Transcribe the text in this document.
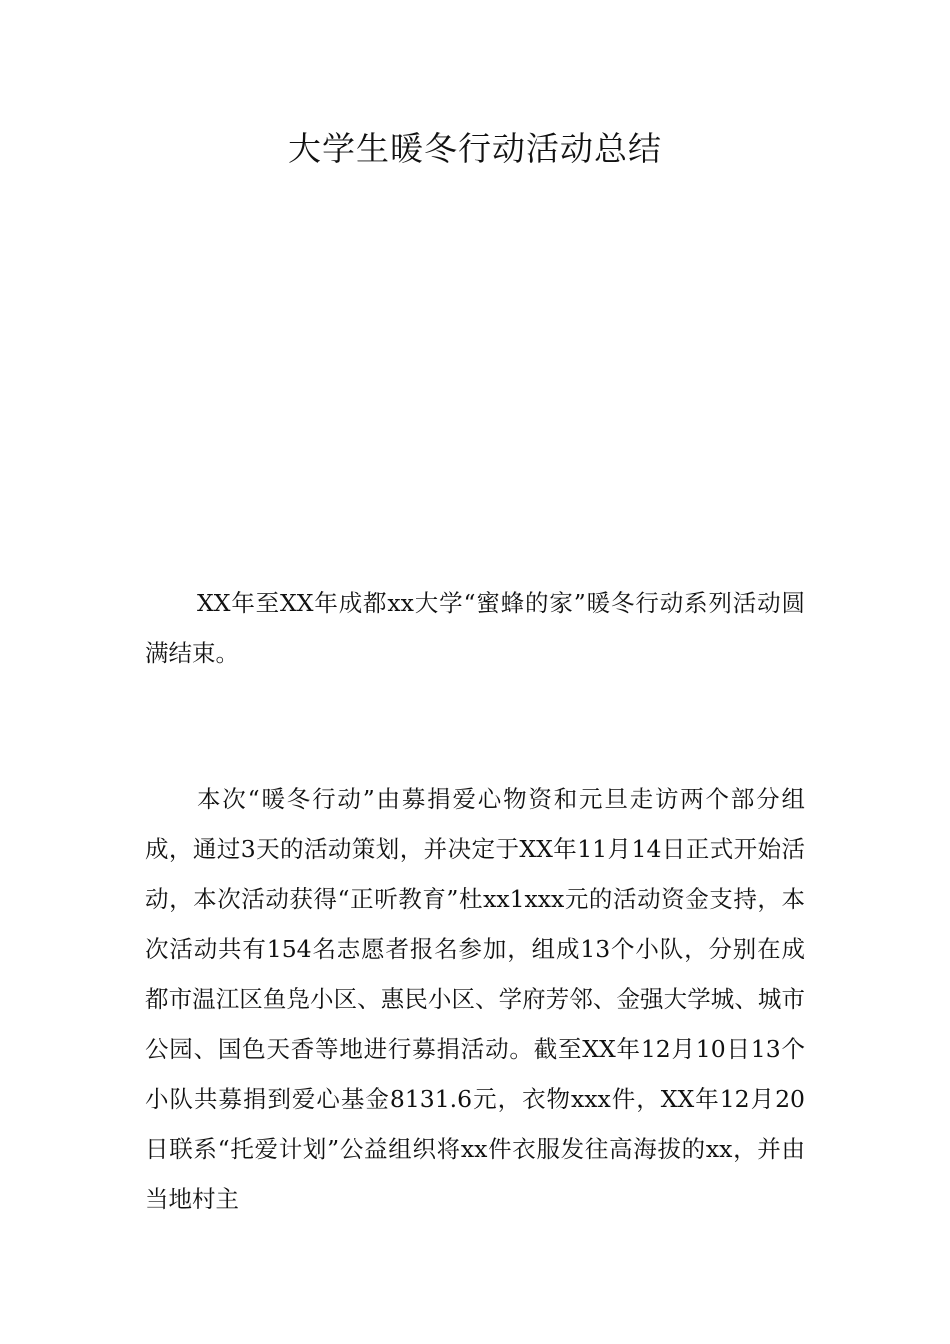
大学生暖冬行动活动总结

XX年至XX年成都xx大学“蜜蜂的家”暖冬行动系列活动圆满结束。

本次“暖冬行动”由募捐爱心物资和元旦走访两个部分组成，通过3天的活动策划，并决定于XX年11月14日正式开始活动，本次活动获得“正听教育”杜xx1xxx元的活动资金支持，本次活动共有154名志愿者报名参加，组成13个小队，分别在成都市温江区鱼凫小区、惠民小区、学府芳邻、金强大学城、城市公园、国色天香等地进行募捐活动。截至XX年12月10日13个小队共募捐到爱心基金8131.6元，衣物xxx件，XX年12月20日联系“托爱计划”公益组织将xx件衣服发往高海拔的xx，并由当地村主
